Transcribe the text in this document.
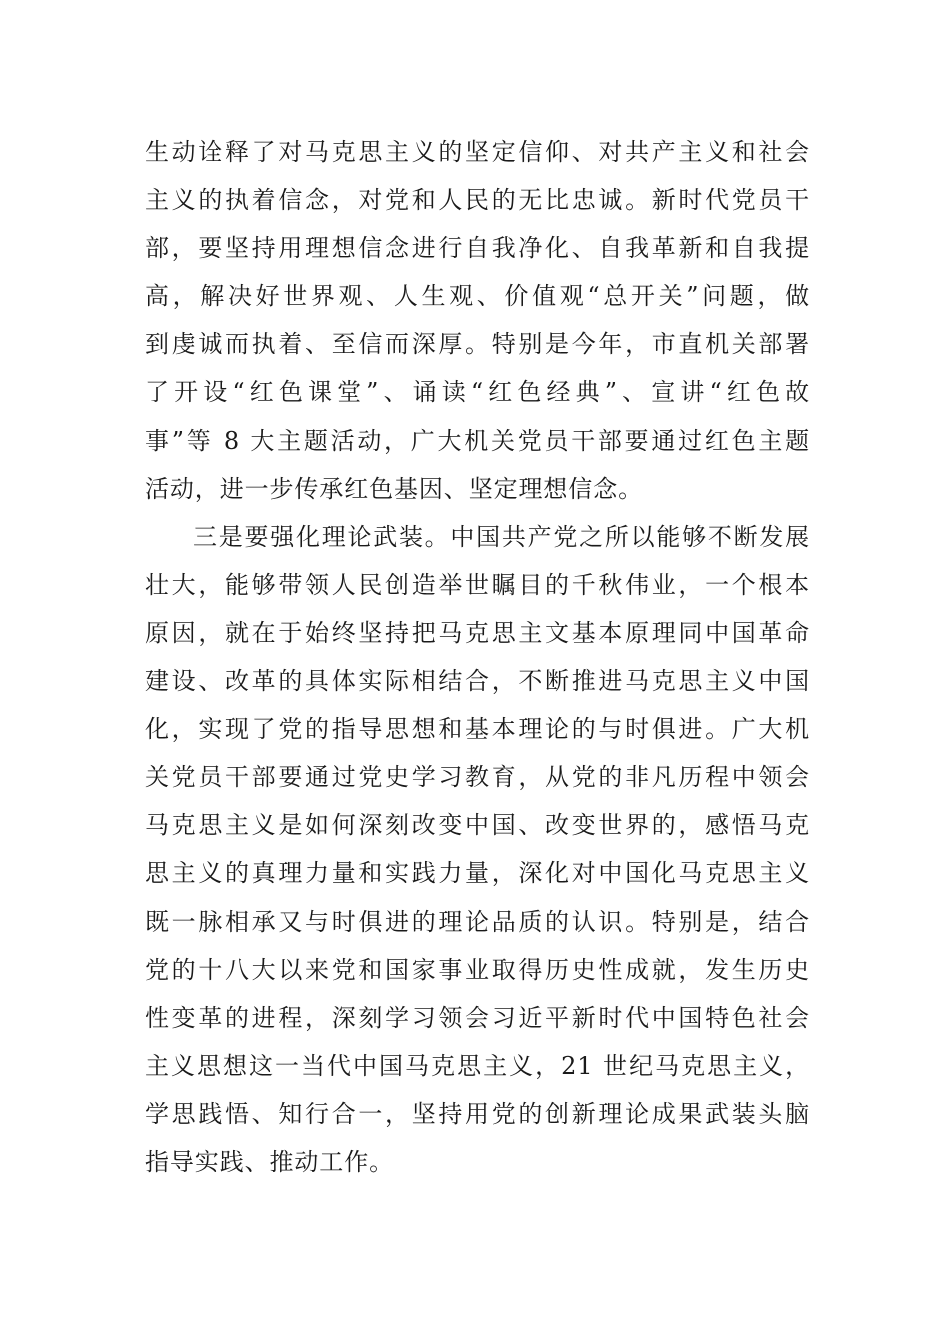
生动诠释了对马克思主义的坚定信仰、对共产主义和社会
主义的执着信念，对党和人民的无比忠诚。新时代党员干
部，要坚持用理想信念进行自我净化、自我革新和自我提
高，解决好世界观、人生观、价值观“总开关”问题，做
到虔诚而执着、至信而深厚。特别是今年，市直机关部署
了开设“红色课堂”、诵读“红色经典”、宣讲“红色故
事”等 8 大主题活动，广大机关党员干部要通过红色主题
活动，进一步传承红色基因、坚定理想信念。
三是要强化理论武装。中国共产党之所以能够不断发展
壮大，能够带领人民创造举世瞩目的千秋伟业，一个根本
原因，就在于始终坚持把马克思主文基本原理同中国革命
建设、改革的具体实际相结合，不断推进马克思主义中国
化，实现了党的指导思想和基本理论的与时俱进。广大机
关党员干部要通过党史学习教育，从党的非凡历程中领会
马克思主义是如何深刻改变中国、改变世界的，感悟马克
思主义的真理力量和实践力量，深化对中国化马克思主义
既一脉相承又与时俱进的理论品质的认识。特别是，结合
党的十八大以来党和国家事业取得历史性成就，发生历史
性变革的进程，深刻学习领会习近平新时代中国特色社会
主义思想这一当代中国马克思主义，21 世纪马克思主义，
学思践悟、知行合一，坚持用党的创新理论成果武装头脑
指导实践、推动工作。
